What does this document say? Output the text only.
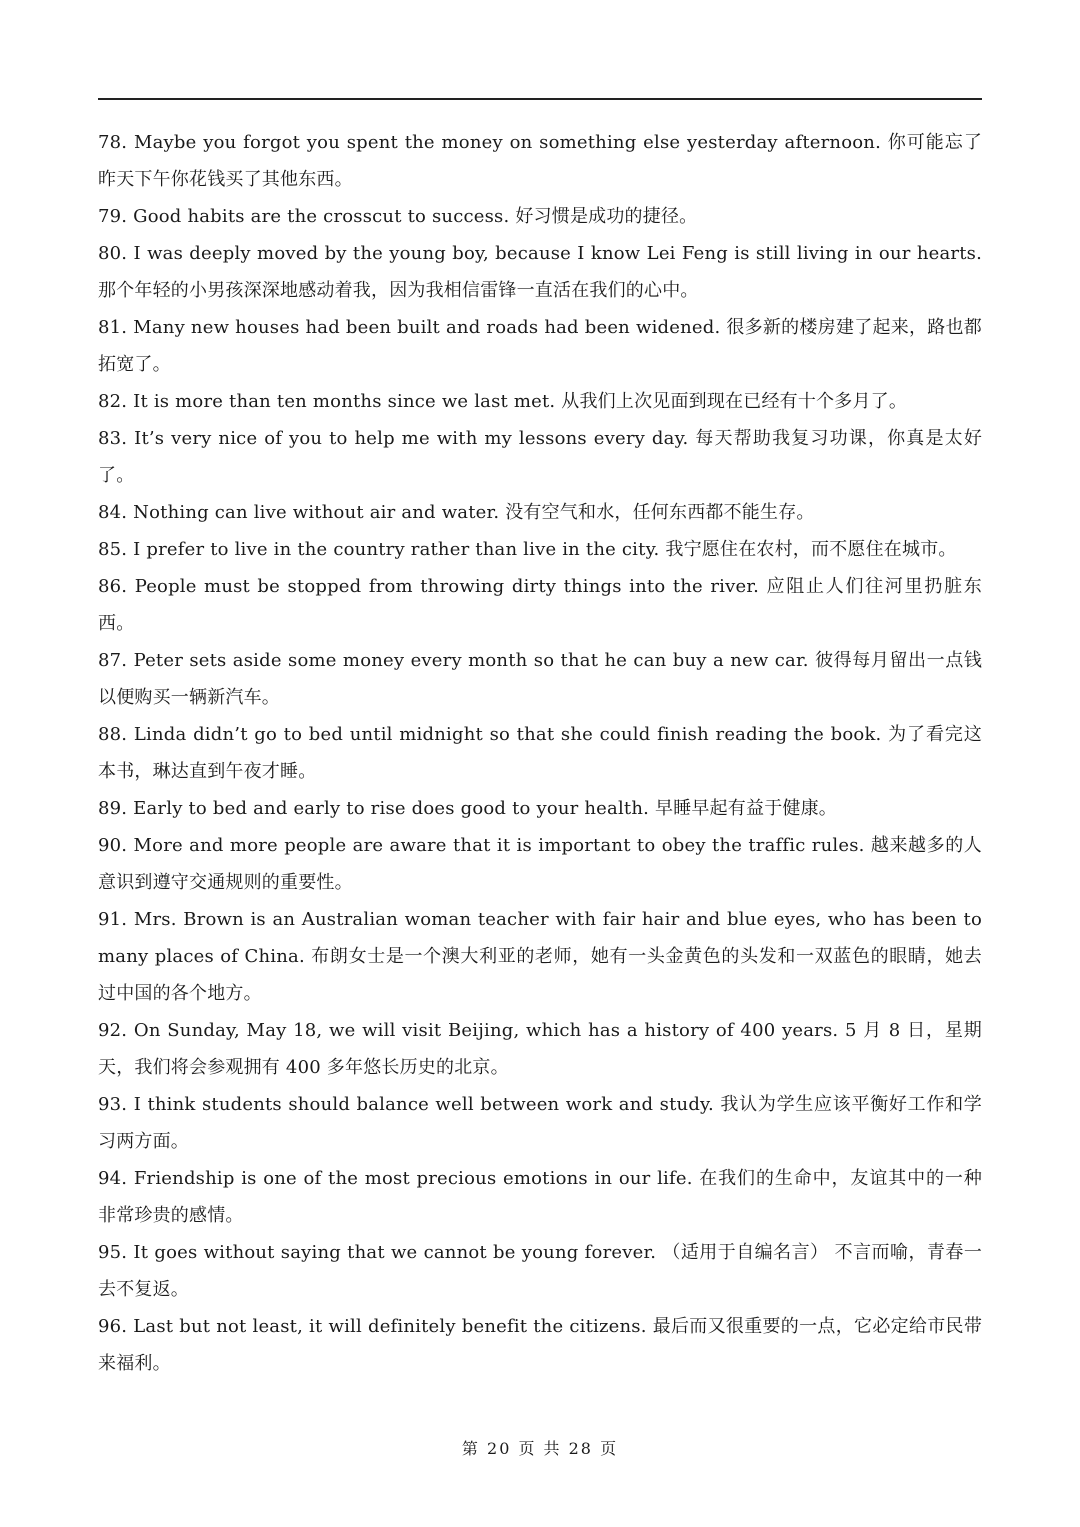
78. Maybe you forgot you spent the money on something else yesterday afternoon. 你可能忘了昨天下午你花钱买了其他东西。

79. Good habits are the crosscut to success. 好习惯是成功的捷径。

80. I was deeply moved by the young boy, because I know Lei Feng is still living in our hearts. 那个年轻的小男孩深深地感动着我，因为我相信雷锋一直活在我们的心中。

81. Many new houses had been built and roads had been widened. 很多新的楼房建了起来，路也都拓宽了。

82. It is more than ten months since we last met. 从我们上次见面到现在已经有十个多月了。

83. It’s very nice of you to help me with my lessons every day. 每天帮助我复习功课，你真是太好了。

84. Nothing can live without air and water. 没有空气和水，任何东西都不能生存。

85. I prefer to live in the country rather than live in the city. 我宁愿住在农村，而不愿住在城市。

86. People must be stopped from throwing dirty things into the river. 应阻止人们往河里扔脏东西。

87. Peter sets aside some money every month so that he can buy a new car. 彼得每月留出一点钱以便购买一辆新汽车。

88. Linda didn’t go to bed until midnight so that she could finish reading the book. 为了看完这本书，琳达直到午夜才睡。

89. Early to bed and early to rise does good to your health. 早睡早起有益于健康。

90. More and more people are aware that it is important to obey the traffic rules. 越来越多的人意识到遵守交通规则的重要性。

91. Mrs. Brown is an Australian woman teacher with fair hair and blue eyes, who has been to many places of China. 布朗女士是一个澳大利亚的老师，她有一头金黄色的头发和一双蓝色的眼睛，她去过中国的各个地方。

92. On Sunday, May 18, we will visit Beijing, which has a history of 400 years. 5 月 8 日，星期天，我们将会参观拥有 400 多年悠长历史的北京。

93. I think students should balance well between work and study. 我认为学生应该平衡好工作和学习两方面。

94. Friendship is one of the most precious emotions in our life. 在我们的生命中，友谊其中的一种非常珍贵的感情。

95. It goes without saying that we cannot be young forever. （适用于自编名言） 不言而喻，青春一去不复返。

96. Last but not least, it will definitely benefit the citizens. 最后而又很重要的一点，它必定给市民带来福利。

第 20 页 共 28 页
